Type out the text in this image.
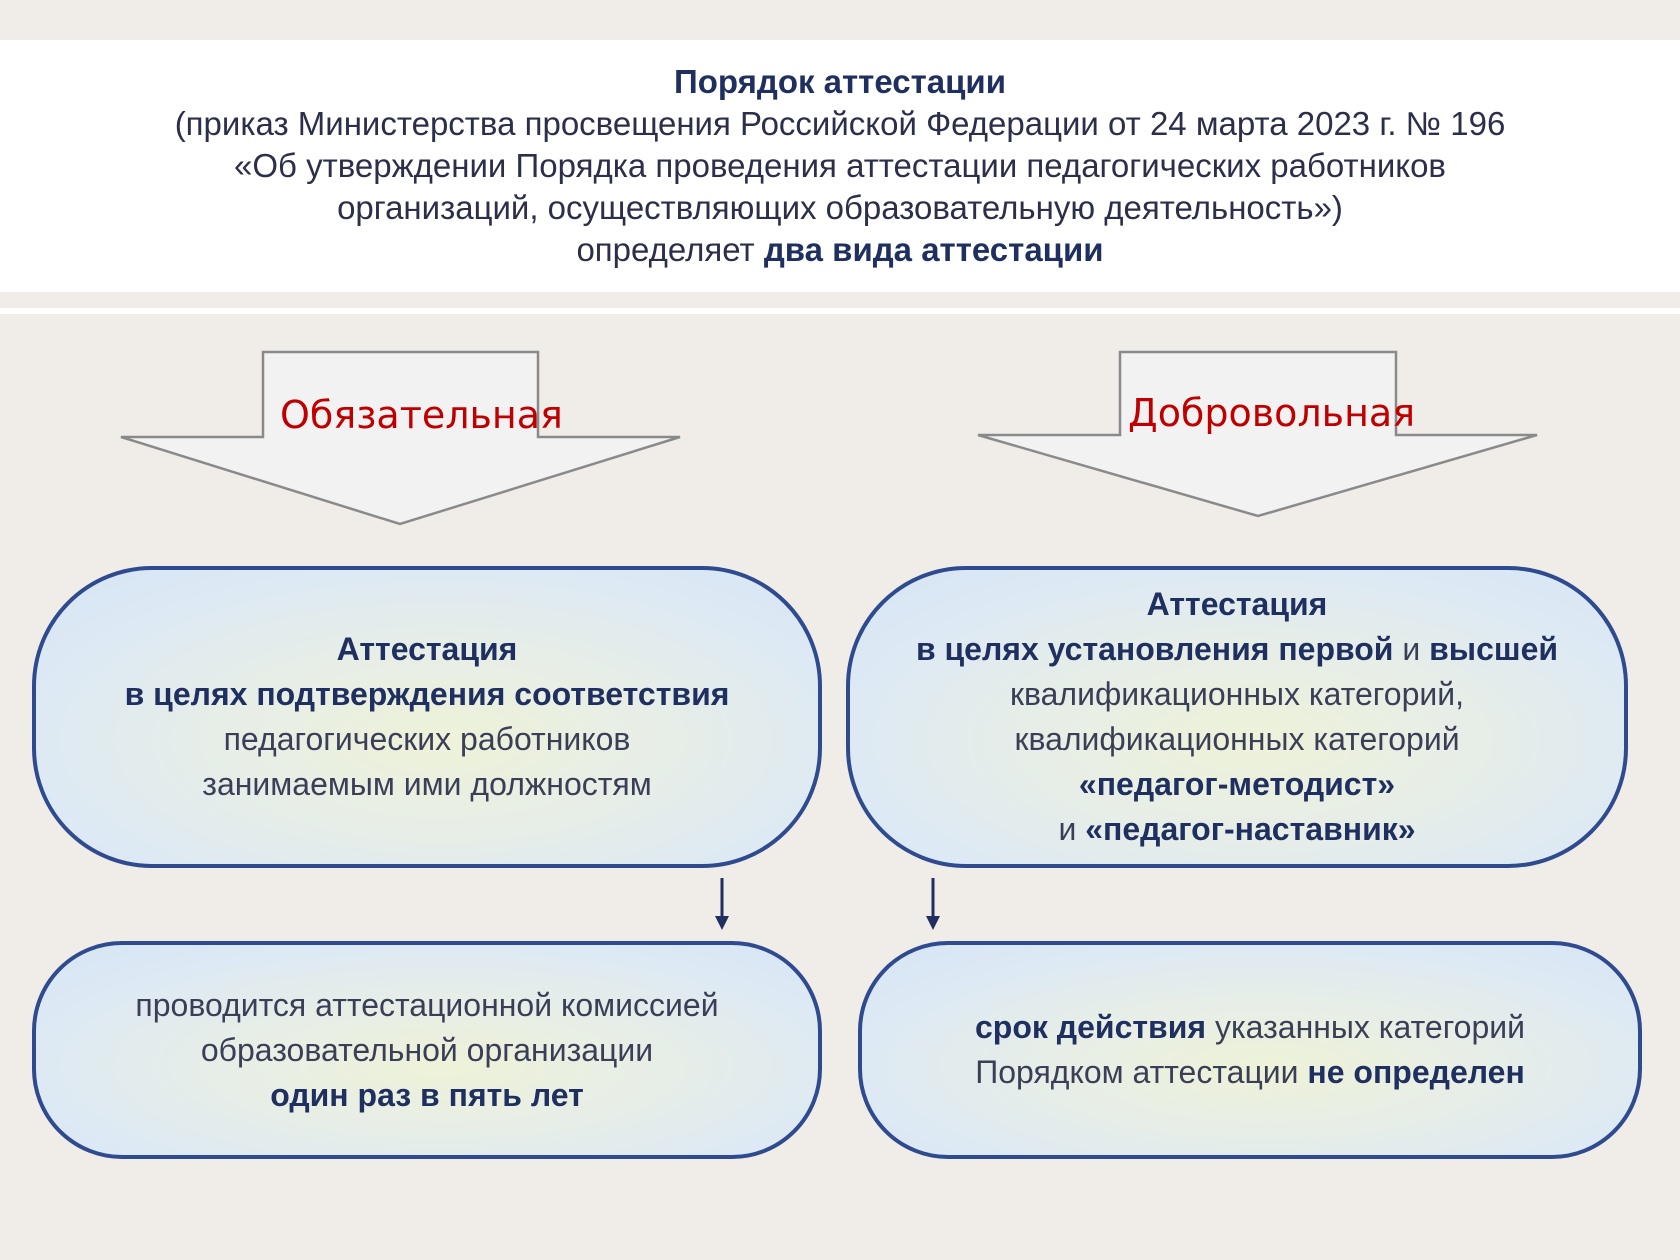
Порядок аттестации
(приказ Министерства просвещения Российской Федерации от 24 марта 2023 г. № 196
«Об утверждении Порядка проведения аттестации педагогических работников
организаций, осуществляющих образовательную деятельность»)
определяет два вида аттестации
Обязательная	Добровольная
Аттестация
в целях подтверждения соответствия
педагогических работников
занимаемым ими должностям
Аттестация
в целях установления первой и высшей
квалификационных категорий,
квалификационных категорий
«педагог-методист»
и «педагог-наставник»
проводится аттестационной комиссией
образовательной организации
один раз в пять лет
срок действия указанных категорий
Порядком аттестации не определен
